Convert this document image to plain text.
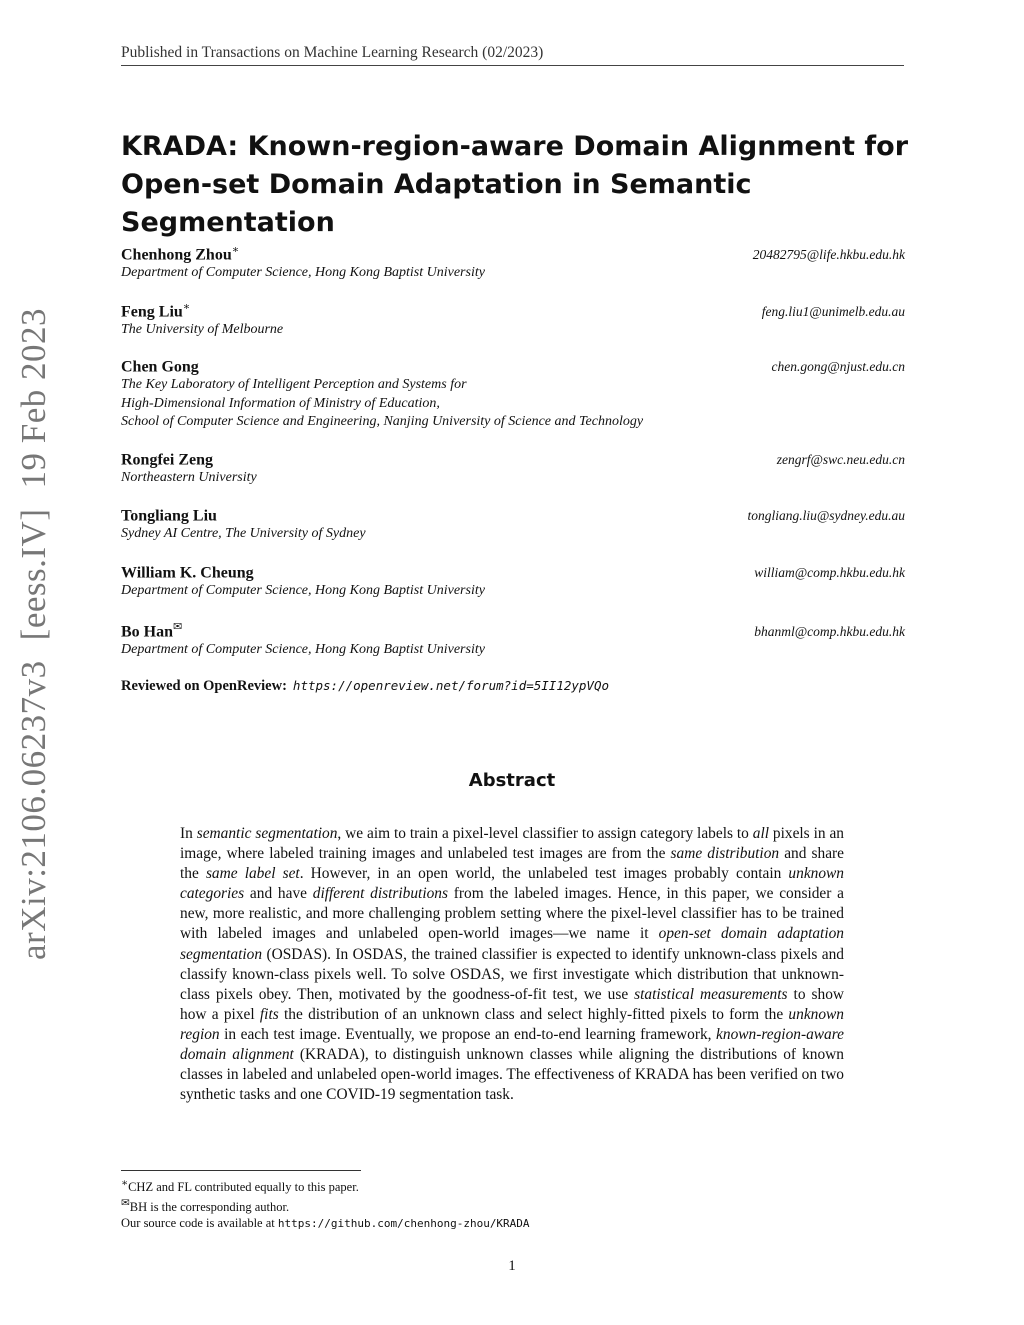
Published in Transactions on Machine Learning Research (02/2023)
arXiv:2106.06237v3[eess.IV]19 Feb 2023
KRADA: Known-region-aware Domain Alignment for Open-set Domain Adaptation in Semantic Segmentation
Chenhong Zhou∗	20482795@life.hkbu.edu.hk
Department of Computer Science, Hong Kong Baptist University
Feng Liu∗	feng.liu1@unimelb.edu.au
The University of Melbourne
Chen Gong	chen.gong@njust.edu.cn
The Key Laboratory of Intelligent Perception and Systems for
High-Dimensional Information of Ministry of Education,
School of Computer Science and Engineering, Nanjing University of Science and Technology
Rongfei Zeng	zengrf@swc.neu.edu.cn
Northeastern University
Tongliang Liu	tongliang.liu@sydney.edu.au
Sydney AI Centre, The University of Sydney
William K. Cheung	william@comp.hkbu.edu.hk
Department of Computer Science, Hong Kong Baptist University
Bo Han✉	bhanml@comp.hkbu.edu.hk
Department of Computer Science, Hong Kong Baptist University
Reviewed on OpenReview: https://openreview.net/forum?id=5II12ypVQo
Abstract

In semantic segmentation, we aim to train a pixel-level classifier to assign category labels to all pixels in an image, where labeled training images and unlabeled test images are from the same distribution and share the same label set. However, in an open world, the unlabeled test images probably contain unknown categories and have different distributions from the labeled images. Hence, in this paper, we consider a new, more realistic, and more challenging problem setting where the pixel-level classifier has to be trained with labeled images and unlabeled open-world images—we name it open-set domain adaptation segmentation (OSDAS). In OSDAS, the trained classifier is expected to identify unknown-class pixels and classify known-class pixels well. To solve OSDAS, we first investigate which distribution that unknown-class pixels obey. Then, motivated by the goodness-of-fit test, we use statistical measurements to show how a pixel fits the distribution of an unknown class and select highly-fitted pixels to form the unknown region in each test image. Eventually, we propose an end-to-end learning framework, known-region-aware domain alignment (KRADA), to distinguish unknown classes while aligning the distributions of known classes in labeled and unlabeled open-world images. The effectiveness of KRADA has been verified on two synthetic tasks and one COVID-19 segmentation task.

∗CHZ and FL contributed equally to this paper.
✉BH is the corresponding author.
Our source code is available at https://github.com/chenhong-zhou/KRADA
1
